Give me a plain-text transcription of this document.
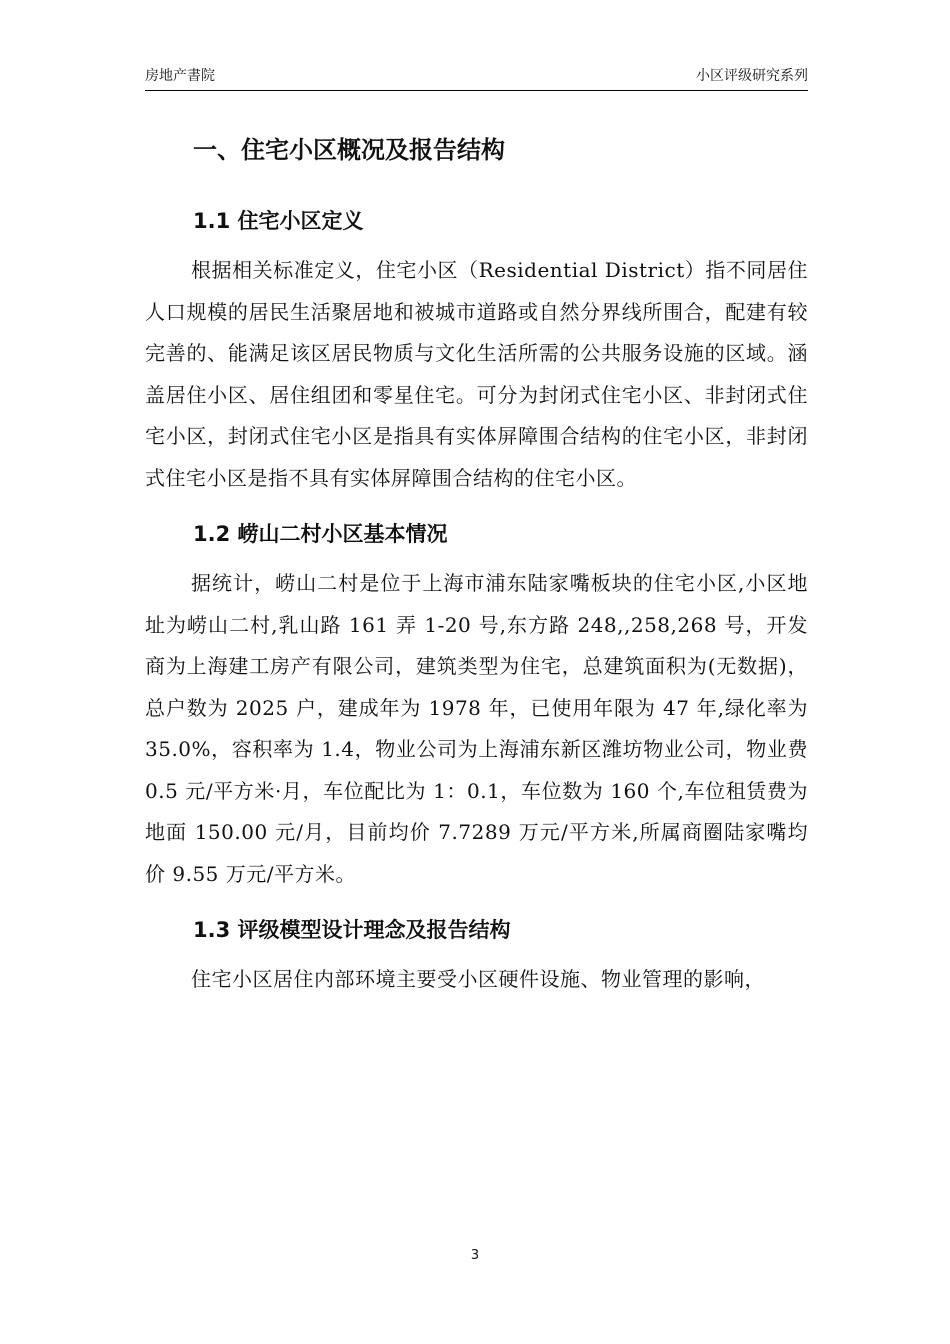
房地产書院	小区评级研究系列
一、住宅小区概况及报告结构
1.1 住宅小区定义

根据相关标准定义，住宅小区（Residential District）指不同居住人口规模的居民生活聚居地和被城市道路或自然分界线所围合，配建有较完善的、能满足该区居民物质与文化生活所需的公共服务设施的区域。涵盖居住小区、居住组团和零星住宅。可分为封闭式住宅小区、非封闭式住宅小区，封闭式住宅小区是指具有实体屏障围合结构的住宅小区，非封闭式住宅小区是指不具有实体屏障围合结构的住宅小区。

1.2 崂山二村小区基本情况

据统计，崂山二村是位于上海市浦东陆家嘴板块的住宅小区,小区地址为崂山二村,乳山路 161 弄 1-20 号,东方路 248,,258,268 号，开发商为上海建工房产有限公司，建筑类型为住宅，总建筑面积为(无数据)，总户数为 2025 户，建成年为 1978 年，已使用年限为 47 年,绿化率为 35.0%，容积率为 1.4，物业公司为上海浦东新区潍坊物业公司，物业费 0.5 元/平方米·月，车位配比为 1：0.1，车位数为 160 个,车位租赁费为地面 150.00 元/月，目前均价 7.7289 万元/平方米,所属商圈陆家嘴均价 9.55 万元/平方米。

1.3 评级模型设计理念及报告结构

住宅小区居住内部环境主要受小区硬件设施、物业管理的影响，

3
